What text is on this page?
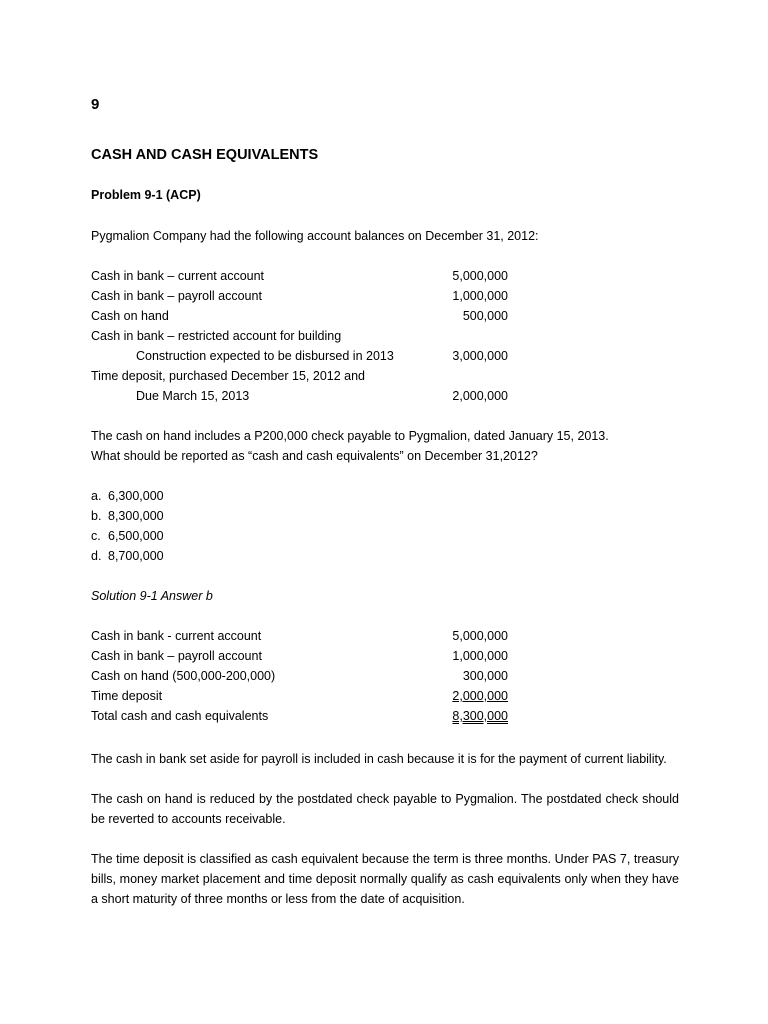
9
CASH AND CASH EQUIVALENTS
Problem 9-1 (ACP)
Pygmalion Company had the following account balances on December 31, 2012:
Cash in bank – current account	5,000,000
Cash in bank – payroll account	1,000,000
Cash on hand	500,000
Cash in bank – restricted account for building
Construction expected to be disbursed in 2013	3,000,000
Time deposit, purchased December 15, 2012 and
Due March 15, 2013	2,000,000
The cash on hand includes a P200,000 check payable to Pygmalion, dated January 15, 2013.
What should be reported as “cash and cash equivalents” on December 31,2012?
a. 6,300,000
b. 8,300,000
c. 6,500,000
d. 8,700,000
Solution 9-1 Answer b
Cash in bank - current account	5,000,000
Cash in bank – payroll account	1,000,000
Cash on hand (500,000-200,000)	300,000
Time deposit	2,000,000
Total cash and cash equivalents	8,300,000
The cash in bank set aside for payroll is included in cash because it is for the payment of current liability.
The cash on hand is reduced by the postdated check payable to Pygmalion. The postdated check should be reverted to accounts receivable.
The time deposit is classified as cash equivalent because the term is three months. Under PAS 7, treasury bills, money market placement and time deposit normally qualify as cash equivalents only when they have a short maturity of three months or less from the date of acquisition.
